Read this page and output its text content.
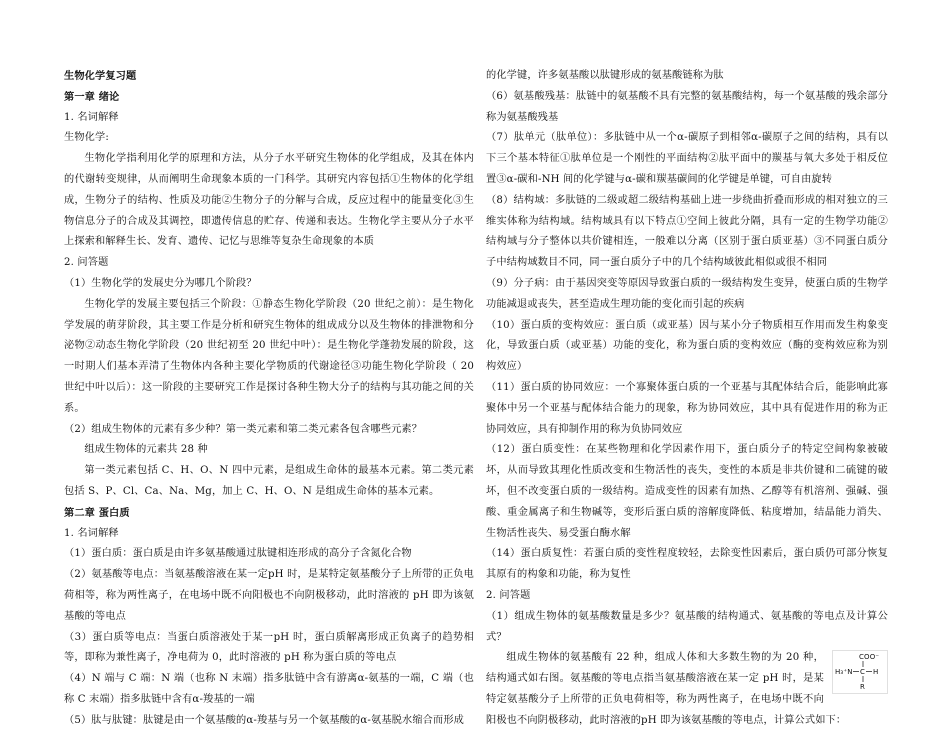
生物化学复习题

第一章 绪论

1. 名词解释

生物化学:

生物化学指利用化学的原理和方法，从分子水平研究生物体的化学组成，及其在体内的代谢转变规律，从而阐明生命现象本质的一门科学。其研究内容包括①生物体的化学组成，生物分子的结构、性质及功能②生物分子的分解与合成，反应过程中的能量变化③生物信息分子的合成及其调控，即遗传信息的贮存、传递和表达。生物化学主要从分子水平上探索和解释生长、发育、遗传、记忆与思维等复杂生命现象的本质

2. 问答题

（1）生物化学的发展史分为哪几个阶段？

生物化学的发展主要包括三个阶段：①静态生物化学阶段（20 世纪之前）：是生物化学发展的萌芽阶段，其主要工作是分析和研究生物体的组成成分以及生物体的排泄物和分泌物②动态生物化学阶段（20 世纪初至 20 世纪中叶）：是生物化学蓬勃发展的阶段，这一时期人们基本弄清了生物体内各种主要化学物质的代谢途径③功能生物化学阶段（ 20 世纪中叶以后）：这一阶段的主要研究工作是探讨各种生物大分子的结构与其功能之间的关系。

（2）组成生物体的元素有多少种？第一类元素和第二类元素各包含哪些元素？

组成生物体的元素共 28 种

第一类元素包括 C、H、O、N 四中元素，是组成生命体的最基本元素。第二类元素包括 S、P、Cl、Ca、Na、Mg，加上 C、H、O、N 是组成生命体的基本元素。

第二章 蛋白质

1. 名词解释

（1）蛋白质：蛋白质是由许多氨基酸通过肽键相连形成的高分子含氮化合物

（2）氨基酸等电点：当氨基酸溶液在某一定pH 时，是某特定氨基酸分子上所带的正负电荷相等，称为两性离子，在电场中既不向阳极也不向阴极移动，此时溶液的 pH 即为该氨基酸的等电点

（3）蛋白质等电点：当蛋白质溶液处于某一pH 时，蛋白质解离形成正负离子的趋势相等，即称为兼性离子，净电荷为 0，此时溶液的 pH 称为蛋白质的等电点

（4）N 端与 C 端：N 端（也称 N 末端）指多肽链中含有游离α-氨基的一端，C 端（也称 C 末端）指多肽链中含有α-羧基的一端

（5）肽与肽键：肽键是由一个氨基酸的α-羧基与另一个氨基酸的α-氨基脱水缩合而形成

的化学键，许多氨基酸以肽键形成的氨基酸链称为肽

（6）氨基酸残基：肽链中的氨基酸不具有完整的氨基酸结构，每一个氨基酸的残余部分称为氨基酸残基

（7）肽单元（肽单位）：多肽链中从一个α-碳原子到相邻α-碳原子之间的结构，具有以下三个基本特征①肽单位是一个刚性的平面结构②肽平面中的羰基与氧大多处于相反位置③α-碳和-NH 间的化学键与α-碳和羰基碳间的化学键是单键，可自由旋转

（8）结构域：多肽链的二级或超二级结构基础上进一步绕曲折叠而形成的相对独立的三维实体称为结构域。结构域具有以下特点①空间上彼此分隔，具有一定的生物学功能②结构域与分子整体以共价键相连，一般难以分离（区别于蛋白质亚基）③不同蛋白质分子中结构域数目不同，同一蛋白质分子中的几个结构域彼此相似或很不相同

（9）分子病：由于基因突变等原因导致蛋白质的一级结构发生变异，使蛋白质的生物学功能减退或丧失，甚至造成生理功能的变化而引起的疾病

（10）蛋白质的变构效应：蛋白质（或亚基）因与某小分子物质相互作用而发生构象变化，导致蛋白质（或亚基）功能的变化，称为蛋白质的变构效应（酶的变构效应称为别构效应）

（11）蛋白质的协同效应：一个寡聚体蛋白质的一个亚基与其配体结合后，能影响此寡聚体中另一个亚基与配体结合能力的现象，称为协同效应，其中具有促进作用的称为正协同效应，具有抑制作用的称为负协同效应

（12）蛋白质变性：在某些物理和化学因素作用下，蛋白质分子的特定空间构象被破坏，从而导致其理化性质改变和生物活性的丧失，变性的本质是非共价键和二硫键的破坏，但不改变蛋白质的一级结构。造成变性的因素有加热、乙醇等有机溶剂、强碱、强酸、重金属离子和生物碱等，变形后蛋白质的溶解度降低、粘度增加，结晶能力消失、生物活性丧失、易受蛋白酶水解

（14）蛋白质复性：若蛋白质的变性程度较轻，去除变性因素后，蛋白质仍可部分恢复其原有的构象和功能，称为复性

2. 问答题

（1）组成生物体的氨基酸数量是多少？氨基酸的结构通式、氨基酸的等电点及计算公式？

COO⁻
H₃⁺N C H
R

组成生物体的氨基酸有 22 种，组成人体和大多数生物的为 20 种，结构通式如右图。氨基酸的等电点指当氨基酸溶液在某一定 pH 时，是某特定氨基酸分子上所带的正负电荷相等，称为两性离子，在电场中既不向阳极也不向阴极移动，此时溶液的pH 即为该氨基酸的等电点，计算公式如下：
